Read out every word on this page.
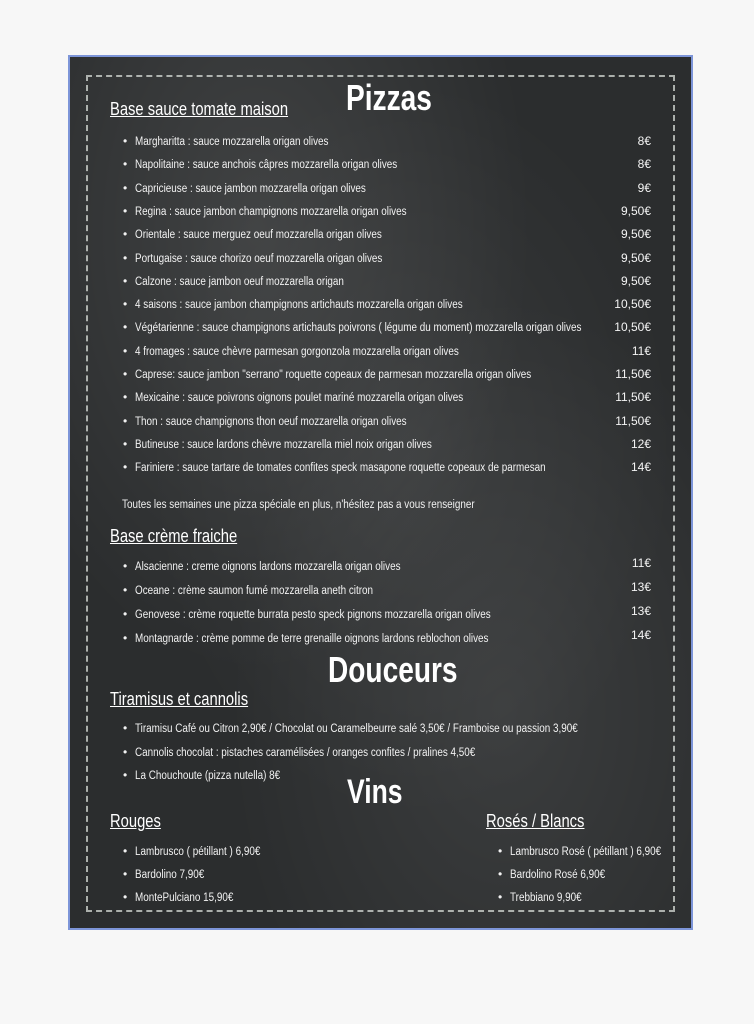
Pizzas
Base sauce tomate maison
• Margharitta : sauce mozzarella origan olives	8€
• Napolitaine : sauce anchois câpres mozzarella origan olives	8€
• Capricieuse : sauce jambon mozzarella origan olives	9€
• Regina : sauce jambon champignons mozzarella origan olives	9,50€
• Orientale : sauce merguez oeuf mozzarella origan olives	9,50€
• Portugaise : sauce chorizo oeuf mozzarella origan olives	9,50€
• Calzone : sauce jambon oeuf mozzarella origan	9,50€
• 4 saisons : sauce jambon champignons artichauts mozzarella origan olives	10,50€
• Végétarienne : sauce champignons artichauts poivrons ( légume du moment) mozzarella origan olives	10,50€
• 4 fromages : sauce chèvre parmesan gorgonzola mozzarella origan olives	11€
• Caprese: sauce jambon "serrano" roquette copeaux de parmesan mozzarella origan olives	11,50€
• Mexicaine : sauce poivrons oignons poulet mariné mozzarella origan olives	11,50€
• Thon : sauce champignons thon oeuf mozzarella origan olives	11,50€
• Butineuse : sauce lardons chèvre mozzarella miel noix origan olives	12€
• Fariniere : sauce tartare de tomates confites speck masapone roquette copeaux de parmesan	14€
Toutes les semaines une pizza spéciale en plus, n'hésitez pas a vous renseigner
Base crème fraiche
• Alsacienne : creme oignons lardons mozzarella origan olives	11€
• Oceane : crème saumon fumé mozzarella aneth citron	13€
• Genovese : crème roquette burrata pesto speck pignons mozzarella origan olives	13€
• Montagnarde : crème pomme de terre grenaille oignons lardons reblochon olives	14€
Douceurs
Tiramisus et cannolis
• Tiramisu Café ou Citron 2,90€ / Chocolat ou Caramelbeurre salé 3,50€ / Framboise ou passion 3,90€
• Cannolis chocolat : pistaches caramélisées / oranges confites / pralines 4,50€
• La Chouchoute (pizza nutella) 8€	Vins
Rouges	Rosés / Blancs
• Lambrusco ( pétillant ) 6,90€
• Bardolino 7,90€
• MontePulciano 15,90€
• Lambrusco Rosé ( pétillant ) 6,90€
• Bardolino Rosé 6,90€
• Trebbiano 9,90€
